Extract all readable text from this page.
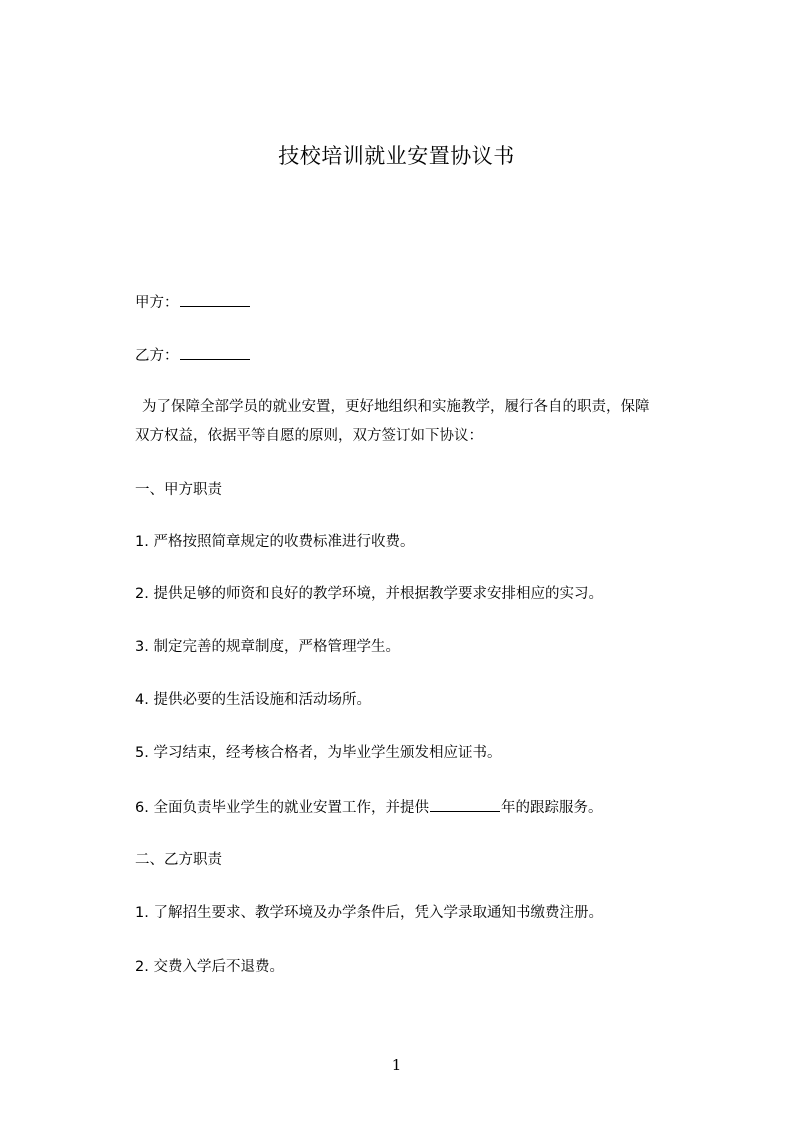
技校培训就业安置协议书
甲方：
乙方：
为了保障全部学员的就业安置，更好地组织和实施教学，履行各自的职责，保障双方权益，依据平等自愿的原则，双方签订如下协议：
一、甲方职责
1. 严格按照简章规定的收费标准进行收费。
2. 提供足够的师资和良好的教学环境，并根据教学要求安排相应的实习。
3. 制定完善的规章制度，严格管理学生。
4. 提供必要的生活设施和活动场所。
5. 学习结束，经考核合格者，为毕业学生颁发相应证书。
6. 全面负责毕业学生的就业安置工作，并提供	年的跟踪服务。
二、乙方职责
1. 了解招生要求、教学环境及办学条件后，凭入学录取通知书缴费注册。
2. 交费入学后不退费。
1
